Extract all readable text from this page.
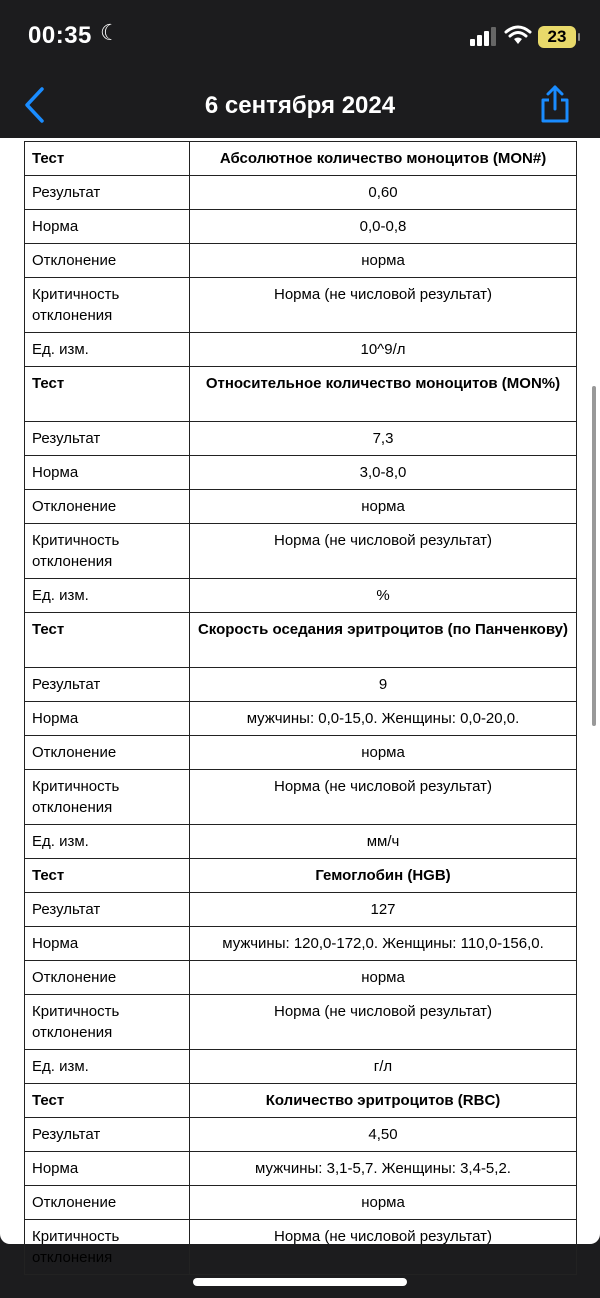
00:35 ☾	23
6 сентября 2024
Тест	Абсолютное количество моноцитов (MON#)
Результат	0,60
Норма	0,0-0,8
Отклонение	норма
Критичность отклонения	Норма (не числовой результат)
Ед. изм.	10^9/л
Тест	Относительное количество моноцитов (MON%)
Результат	7,3
Норма	3,0-8,0
Отклонение	норма
Критичность отклонения	Норма (не числовой результат)
Ед. изм.	%
Тест	Скорость оседания эритроцитов (по Панченкову)
Результат	9
Норма	мужчины: 0,0-15,0. Женщины: 0,0-20,0.
Отклонение	норма
Критичность отклонения	Норма (не числовой результат)
Ед. изм.	мм/ч
Тест	Гемоглобин (HGB)
Результат	127
Норма	мужчины: 120,0-172,0. Женщины: 110,0-156,0.
Отклонение	норма
Критичность отклонения	Норма (не числовой результат)
Ед. изм.	г/л
Тест	Количество эритроцитов (RBC)
Результат	4,50
Норма	мужчины: 3,1-5,7. Женщины: 3,4-5,2.
Отклонение	норма
Критичность отклонения	Норма (не числовой результат)
